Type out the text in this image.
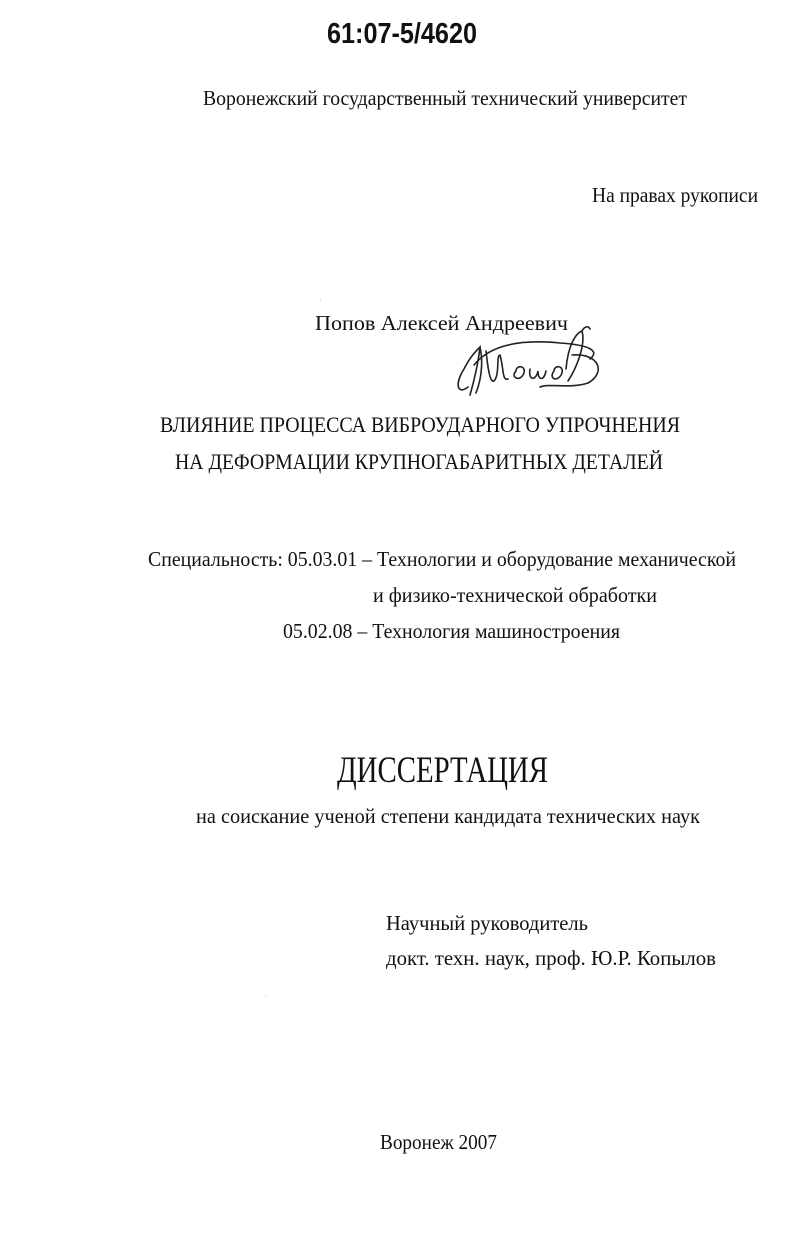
61:07-5/4620
Воронежский государственный технический университет
На правах рукописи
Попов Алексей Андреевич
ВЛИЯНИЕ ПРОЦЕССА ВИБРОУДАРНОГО УПРОЧНЕНИЯ
НА ДЕФОРМАЦИИ КРУПНОГАБАРИТНЫХ ДЕТАЛЕЙ
Специальность: 05.03.01 – Технологии и оборудование механической
и физико-технической обработки
05.02.08 – Технология машиностроения
ДИССЕРТАЦИЯ
на соискание ученой степени кандидата технических наук
Научный руководитель
докт. техн. наук, проф. Ю.Р. Копылов
Воронеж 2007
